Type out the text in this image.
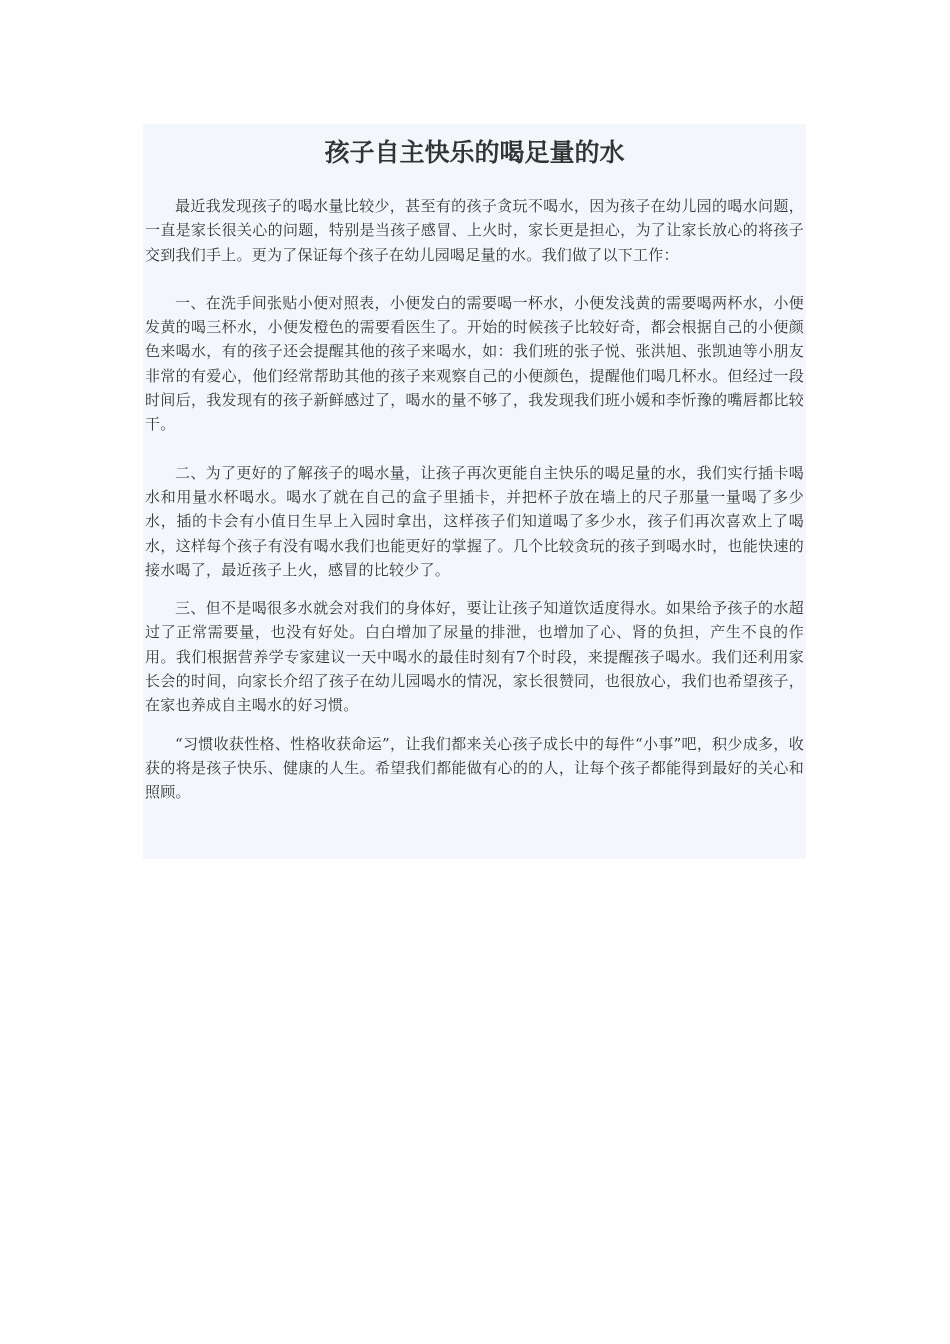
孩子自主快乐的喝足量的水

最近我发现孩子的喝水量比较少，甚至有的孩子贪玩不喝水，因为孩子在幼儿园的喝水问题，一直是家长很关心的问题，特别是当孩子感冒、上火时，家长更是担心，为了让家长放心的将孩子交到我们手上。更为了保证每个孩子在幼儿园喝足量的水。我们做了以下工作：

一、在洗手间张贴小便对照表，小便发白的需要喝一杯水，小便发浅黄的需要喝两杯水，小便发黄的喝三杯水，小便发橙色的需要看医生了。开始的时候孩子比较好奇，都会根据自己的小便颜色来喝水，有的孩子还会提醒其他的孩子来喝水，如：我们班的张子悦、张洪旭、张凯迪等小朋友非常的有爱心，他们经常帮助其他的孩子来观察自己的小便颜色，提醒他们喝几杯水。但经过一段时间后，我发现有的孩子新鲜感过了，喝水的量不够了，我发现我们班小媛和李忻豫的嘴唇都比较干。

二、为了更好的了解孩子的喝水量，让孩子再次更能自主快乐的喝足量的水，我们实行插卡喝水和用量水杯喝水。喝水了就在自己的盒子里插卡，并把杯子放在墙上的尺子那量一量喝了多少水，插的卡会有小值日生早上入园时拿出，这样孩子们知道喝了多少水，孩子们再次喜欢上了喝水，这样每个孩子有没有喝水我们也能更好的掌握了。几个比较贪玩的孩子到喝水时，也能快速的接水喝了，最近孩子上火，感冒的比较少了。

三、但不是喝很多水就会对我们的身体好，要让让孩子知道饮适度得水。如果给予孩子的水超过了正常需要量，也没有好处。白白增加了尿量的排泄，也增加了心、肾的负担，产生不良的作用。我们根据营养学专家建议一天中喝水的最佳时刻有7个时段，来提醒孩子喝水。我们还利用家长会的时间，向家长介绍了孩子在幼儿园喝水的情况，家长很赞同，也很放心，我们也希望孩子，在家也养成自主喝水的好习惯。

“习惯收获性格、性格收获命运”，让我们都来关心孩子成长中的每件“小事”吧，积少成多，收获的将是孩子快乐、健康的人生。希望我们都能做有心的的人，让每个孩子都能得到最好的关心和照顾。
